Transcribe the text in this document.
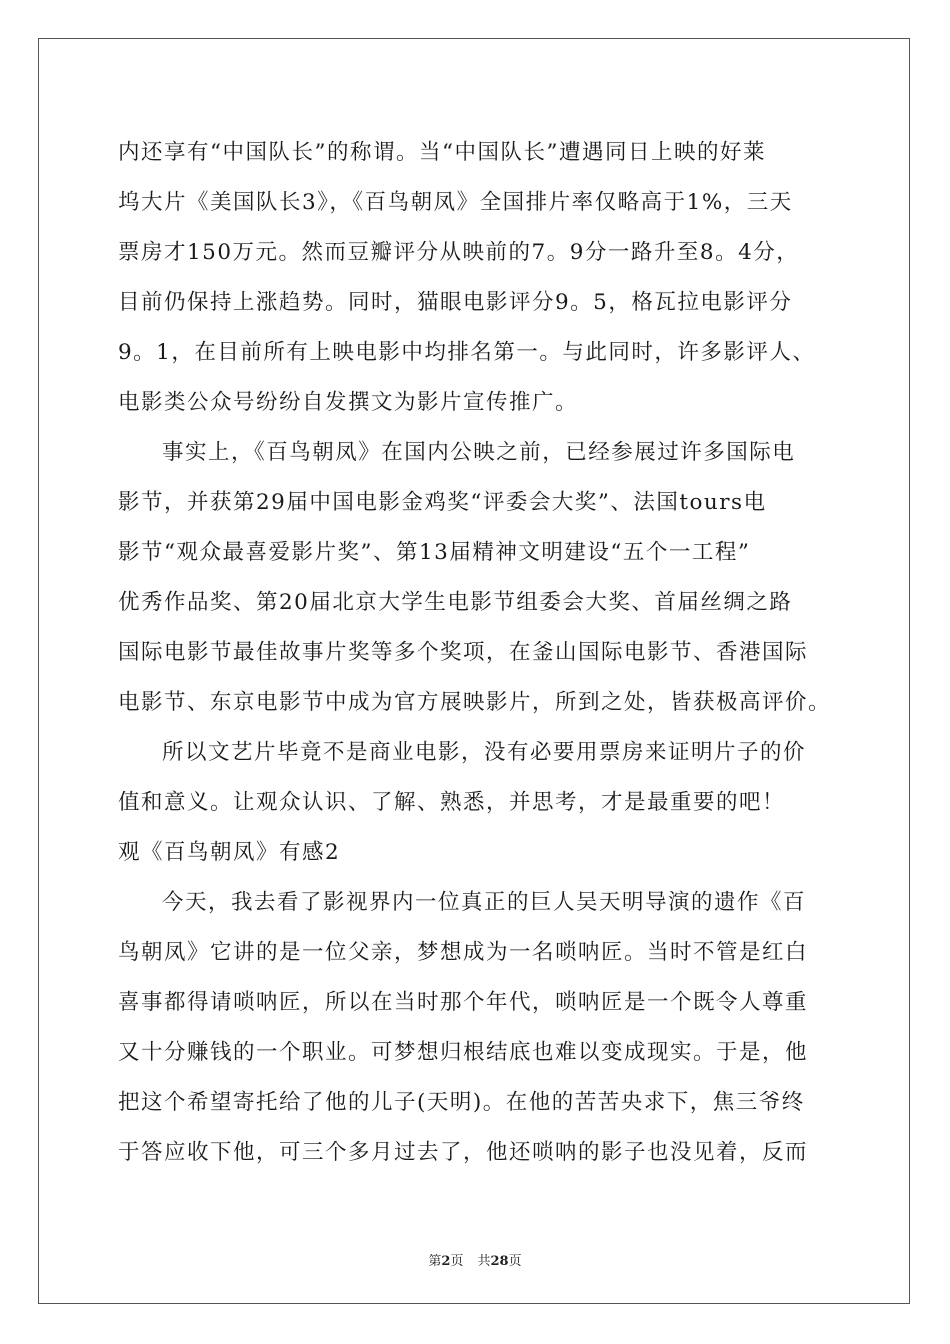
内还享有“中国队长”的称谓。当“中国队长”遭遇同日上映的好莱
坞大片《美国队长3》，《百鸟朝凤》全国排片率仅略高于1%，三天
票房才150万元。然而豆瓣评分从映前的7。9分一路升至8。4分，
目前仍保持上涨趋势。同时，猫眼电影评分9。5，格瓦拉电影评分
9。1，在目前所有上映电影中均排名第一。与此同时，许多影评人、
电影类公众号纷纷自发撰文为影片宣传推广。
事实上，《百鸟朝凤》在国内公映之前，已经参展过许多国际电
影节，并获第29届中国电影金鸡奖“评委会大奖”、法国tours电
影节“观众最喜爱影片奖”、第13届精神文明建设“五个一工程”
优秀作品奖、第20届北京大学生电影节组委会大奖、首届丝绸之路
国际电影节最佳故事片奖等多个奖项，在釜山国际电影节、香港国际
电影节、东京电影节中成为官方展映影片，所到之处，皆获极高评价。
所以文艺片毕竟不是商业电影，没有必要用票房来证明片子的价
值和意义。让观众认识、了解、熟悉，并思考，才是最重要的吧！
观《百鸟朝凤》有感2
今天，我去看了影视界内一位真正的巨人吴天明导演的遗作《百
鸟朝凤》它讲的是一位父亲，梦想成为一名唢呐匠。当时不管是红白
喜事都得请唢呐匠，所以在当时那个年代，唢呐匠是一个既令人尊重
又十分赚钱的一个职业。可梦想归根结底也难以变成现实。于是，他
把这个希望寄托给了他的儿子(天明)。在他的苦苦央求下，焦三爷终
于答应收下他，可三个多月过去了，他还唢呐的影子也没见着，反而
第2页 共28页
